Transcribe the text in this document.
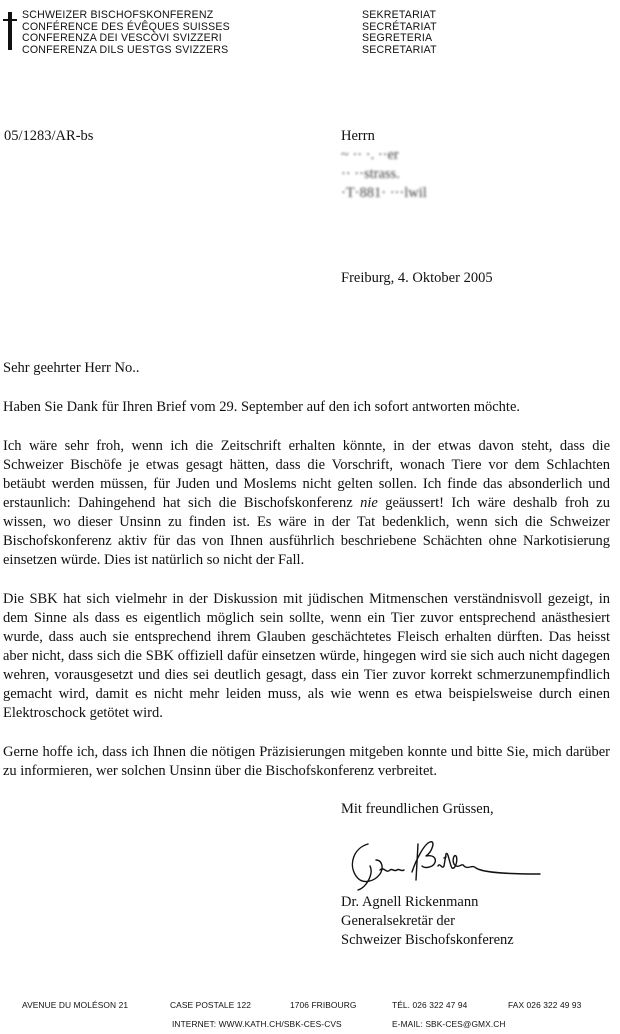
SCHWEIZER BISCHOFSKONFERENZ
CONFÉRENCE DES ÉVÊQUES SUISSES
CONFERENZA DEI VESCOVI SVIZZERI
CONFERENZA DILS UESTGS SVIZZERS
SEKRETARIAT
SECRÉTARIAT
SEGRETERIA
SECRETARIAT
05/1283/AR-bs	Herrn
~ ·· ·. ··er
·· ··strass.
·T·881· ···lwil
Freiburg, 4. Oktober 2005

Sehr geehrter Herr No..

Haben Sie Dank für Ihren Brief vom 29. September auf den ich sofort antworten möchte.

Ich wäre sehr froh, wenn ich die Zeitschrift erhalten könnte, in der etwas davon steht, dass die Schweizer Bischöfe je etwas gesagt hätten, dass die Vorschrift, wonach Tiere vor dem Schlachten betäubt werden müssen, für Juden und Moslems nicht gelten sollen. Ich finde das absonderlich und erstaunlich: Dahingehend hat sich die Bischofskonferenz nie geäussert! Ich wäre deshalb froh zu wissen, wo dieser Unsinn zu finden ist. Es wäre in der Tat bedenklich, wenn sich die Schweizer Bischofskonferenz aktiv für das von Ihnen ausführlich beschriebene Schächten ohne Narkotisierung einsetzen würde. Dies ist natürlich so nicht der Fall.

Die SBK hat sich vielmehr in der Diskussion mit jüdischen Mitmenschen verständnisvoll gezeigt, in dem Sinne als dass es eigentlich möglich sein sollte, wenn ein Tier zuvor entsprechend anästhesiert wurde, dass auch sie entsprechend ihrem Glauben geschächtetes Fleisch erhalten dürften. Das heisst aber nicht, dass sich die SBK offiziell dafür einsetzen würde, hingegen wird sie sich auch nicht dagegen wehren, vorausgesetzt und dies sei deutlich gesagt, dass ein Tier zuvor korrekt schmerzunempfindlich gemacht wird, damit es nicht mehr leiden muss, als wie wenn es etwa beispielsweise durch einen Elektroschock getötet wird.

Gerne hoffe ich, dass ich Ihnen die nötigen Präzisierungen mitgeben konnte und bitte Sie, mich darüber zu informieren, wer solchen Unsinn über die Bischofskonferenz verbreitet.

Mit freundlichen Grüssen,
Dr. Agnell Rickenmann
Generalsekretär der
Schweizer Bischofskonferenz
AVENUE DU MOLÉSON 21	CASE POSTALE 122	1706 FRIBOURG	TÉL. 026 322 47 94	FAX 026 322 49 93
INTERNET: WWW.KATH.CH/SBK-CES-CVS	E-MAIL: SBK-CES@GMX.CH
